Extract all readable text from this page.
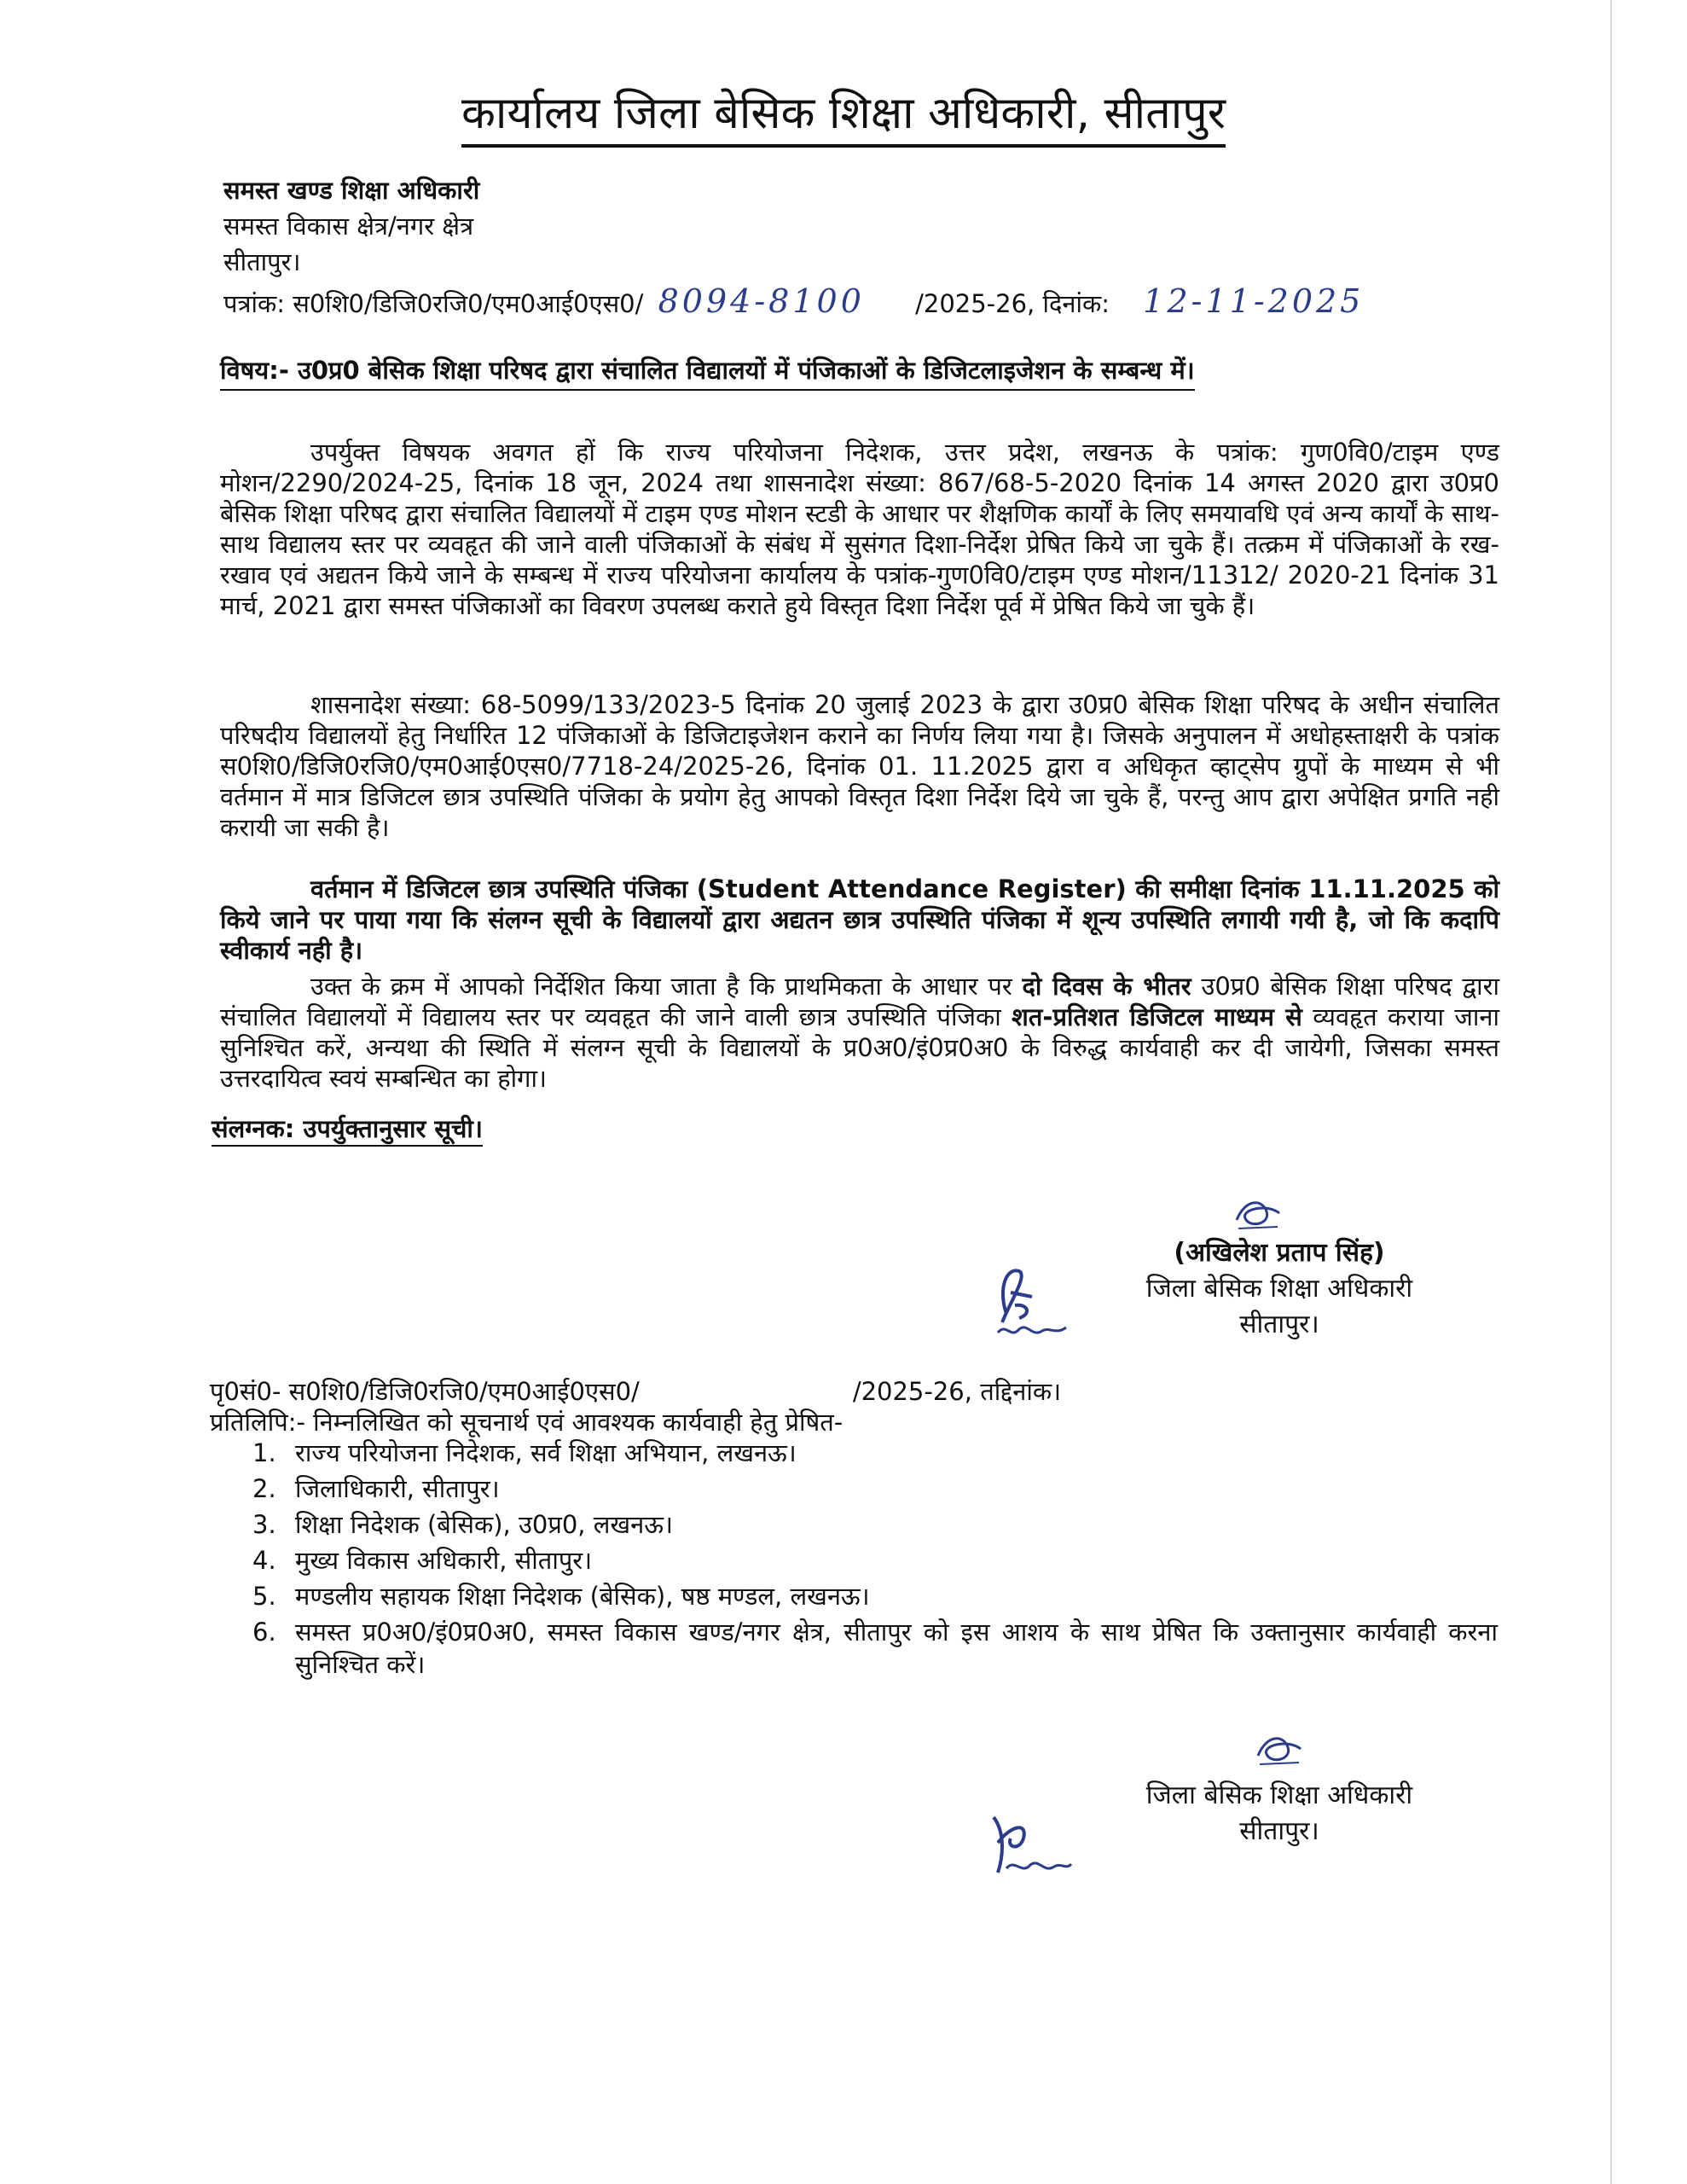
कार्यालय जिला बेसिक शिक्षा अधिकारी, सीतापुर
समस्त खण्ड शिक्षा अधिकारी
समस्त विकास क्षेत्र/नगर क्षेत्र
सीतापुर।
पत्रांक: स0शि0/डिजि0रजि0/एम0आई0एस0/ 8094-8100 /2025-26, दिनांक: 12-11-2025
विषय:- उ0प्र0 बेसिक शिक्षा परिषद द्वारा संचालित विद्यालयों में पंजिकाओं के डिजिटलाइजेशन के सम्बन्ध में।
उपर्युक्त विषयक अवगत हों कि राज्य परियोजना निदेशक, उत्तर प्रदेश, लखनऊ के पत्रांक: गुण0वि0/टाइम एण्ड मोशन/2290/2024-25, दिनांक 18 जून, 2024 तथा शासनादेश संख्या: 867/68-5-2020 दिनांक 14 अगस्त 2020 द्वारा उ0प्र0 बेसिक शिक्षा परिषद द्वारा संचालित विद्यालयों में टाइम एण्ड मोशन स्टडी के आधार पर शैक्षणिक कार्यों के लिए समयावधि एवं अन्य कार्यों के साथ-साथ विद्यालय स्तर पर व्यवहृत की जाने वाली पंजिकाओं के संबंध में सुसंगत दिशा-निर्देश प्रेषित किये जा चुके हैं। तत्क्रम में पंजिकाओं के रख-रखाव एवं अद्यतन किये जाने के सम्बन्ध में राज्य परियोजना कार्यालय के पत्रांक-गुण0वि0/टाइम एण्ड मोशन/11312/ 2020-21 दिनांक 31 मार्च, 2021 द्वारा समस्त पंजिकाओं का विवरण उपलब्ध कराते हुये विस्तृत दिशा निर्देश पूर्व में प्रेषित किये जा चुके हैं।
शासनादेश संख्या: 68-5099/133/2023-5 दिनांक 20 जुलाई 2023 के द्वारा उ0प्र0 बेसिक शिक्षा परिषद के अधीन संचालित परिषदीय विद्यालयों हेतु निर्धारित 12 पंजिकाओं के डिजिटाइजेशन कराने का निर्णय लिया गया है। जिसके अनुपालन में अधोहस्ताक्षरी के पत्रांक स0शि0/डिजि0रजि0/एम0आई0एस0/7718-24/2025-26, दिनांक 01. 11.2025 द्वारा व अधिकृत व्हाट्सेप ग्रुपों के माध्यम से भी वर्तमान में मात्र डिजिटल छात्र उपस्थिति पंजिका के प्रयोग हेतु आपको विस्तृत दिशा निर्देश दिये जा चुके हैं, परन्तु आप द्वारा अपेक्षित प्रगति नही करायी जा सकी है।
वर्तमान में डिजिटल छात्र उपस्थिति पंजिका (Student Attendance Register) की समीक्षा दिनांक 11.11.2025 को किये जाने पर पाया गया कि संलग्न सूची के विद्यालयों द्वारा अद्यतन छात्र उपस्थिति पंजिका में शून्य उपस्थिति लगायी गयी है, जो कि कदापि स्वीकार्य नही है।
उक्त के क्रम में आपको निर्देशित किया जाता है कि प्राथमिकता के आधार पर दो दिवस के भीतर उ0प्र0 बेसिक शिक्षा परिषद द्वारा संचालित विद्यालयों में विद्यालय स्तर पर व्यवहृत की जाने वाली छात्र उपस्थिति पंजिका शत-प्रतिशत डिजिटल माध्यम से व्यवहृत कराया जाना सुनिश्चित करें, अन्यथा की स्थिति में संलग्न सूची के विद्यालयों के प्र0अ0/इं0प्र0अ0 के विरुद्ध कार्यवाही कर दी जायेगी, जिसका समस्त उत्तरदायित्व स्वयं सम्बन्धित का होगा।
संलग्नक: उपर्युक्तानुसार सूची।
(अखिलेश प्रताप सिंह)
जिला बेसिक शिक्षा अधिकारी
सीतापुर।
पृ0सं0- स0शि0/डिजि0रजि0/एम0आई0एस0/	/2025-26, तद्दिनांक।
प्रतिलिपि:- निम्नलिखित को सूचनार्थ एवं आवश्यक कार्यवाही हेतु प्रेषित-
1. राज्य परियोजना निदेशक, सर्व शिक्षा अभियान, लखनऊ।
2. जिलाधिकारी, सीतापुर।
3. शिक्षा निदेशक (बेसिक), उ0प्र0, लखनऊ।
4. मुख्य विकास अधिकारी, सीतापुर।
5. मण्डलीय सहायक शिक्षा निदेशक (बेसिक), षष्ठ मण्डल, लखनऊ।
6. समस्त प्र0अ0/इं0प्र0अ0, समस्त विकास खण्ड/नगर क्षेत्र, सीतापुर को इस आशय के साथ प्रेषित कि उक्तानुसार कार्यवाही करना सुनिश्चित करें।
जिला बेसिक शिक्षा अधिकारी
सीतापुर।
